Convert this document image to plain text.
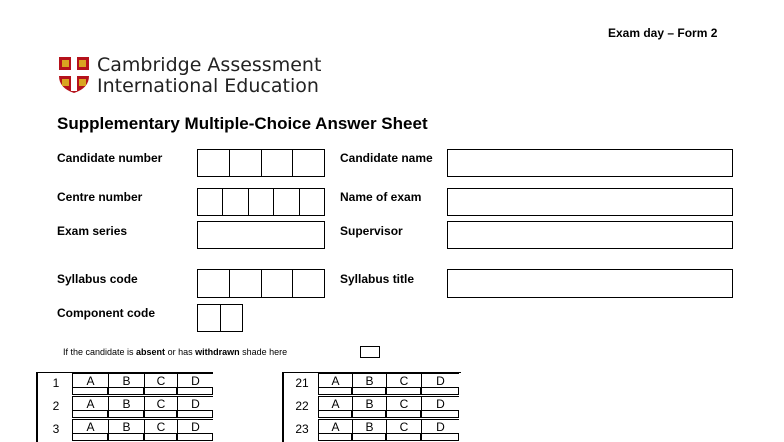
Exam day – Form 2
Cambridge Assessment
International Education
Supplementary Multiple-Choice Answer Sheet
Candidate number	Candidate name
Centre number	Name of exam
Exam series	Supervisor
Syllabus code	Syllabus title
Component code
If the candidate is absent or has withdrawn shade here
1	A	B	C	D
2	A	B	C	D
3	A	B	C	D
21	A	B	C	D
22	A	B	C	D
23	A	B	C	D
